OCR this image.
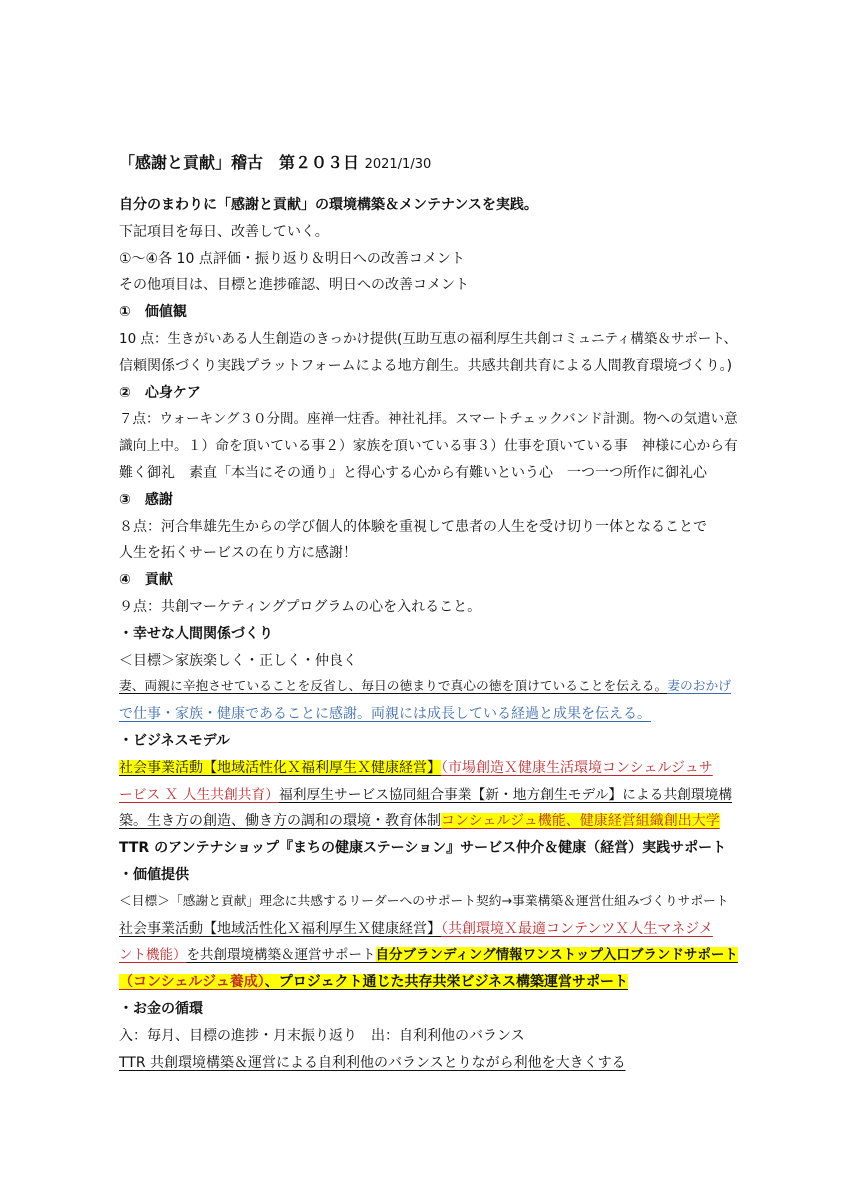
「感謝と貢献」稽古　第２０３日 2021/1/30
自分のまわりに「感謝と貢献」の環境構築＆メンテナンスを実践。
下記項目を毎日、改善していく。
①～④各 10 点評価・振り返り＆明日への改善コメント
その他項目は、目標と進捗確認、明日への改善コメント
①　価値観
10 点：生きがいある人生創造のきっかけ提供(互助互恵の福利厚生共創コミュニティ構築＆サポート、
信頼関係づくり実践プラットフォームによる地方創生。共感共創共育による人間教育環境づくり。)
②　心身ケア
７点：ウォーキング３０分間。座禅一炷香。神社礼拝。スマートチェックバンド計測。物への気遣い意
識向上中。１）命を頂いている事２）家族を頂いている事３）仕事を頂いている事　神様に心から有
難く御礼　素直「本当にその通り」と得心する心から有難いという心　一つ一つ所作に御礼心
③　感謝
８点：河合隼雄先生からの学び個人的体験を重視して患者の人生を受け切り一体となることで
人生を拓くサービスの在り方に感謝！
④　貢献
９点：共創マーケティングプログラムの心を入れること。
・幸せな人間関係づくり
＜目標＞家族楽しく・正しく・仲良く
妻、両親に辛抱させていることを反省し、毎日の徳まりで真心の徳を頂けていることを伝える。妻のおかげ
で仕事・家族・健康であることに感謝。両親には成長している経過と成果を伝える。
・ビジネスモデル
社会事業活動【地域活性化Ｘ福利厚生Ｘ健康経営】（市場創造Ｘ健康生活環境コンシェルジュサ
ービス Ｘ 人生共創共育）福利厚生サービス協同組合事業【新・地方創生モデル】による共創環境構
築。生き方の創造、働き方の調和の環境・教育体制コンシェルジュ機能、健康経営組織創出大学
TTR のアンテナショップ『まちの健康ステーション』サービス仲介＆健康（経営）実践サポート
・価値提供
＜目標＞「感謝と貢献」理念に共感するリーダーへのサポート契約→事業構築＆運営仕組みづくりサポート
社会事業活動【地域活性化Ｘ福利厚生Ｘ健康経営】（共創環境Ｘ最適コンテンツＸ人生マネジメ
ント機能）を共創環境構築＆運営サポート自分ブランディング情報ワンストップ入口ブランドサポート
（コンシェルジュ養成）、プロジェクト通じた共存共栄ビジネス構築運営サポート
・お金の循環
入：毎月、目標の進捗・月末振り返り　出：自利利他のバランス
TTR 共創環境構築＆運営による自利利他のバランスとりながら利他を大きくする
